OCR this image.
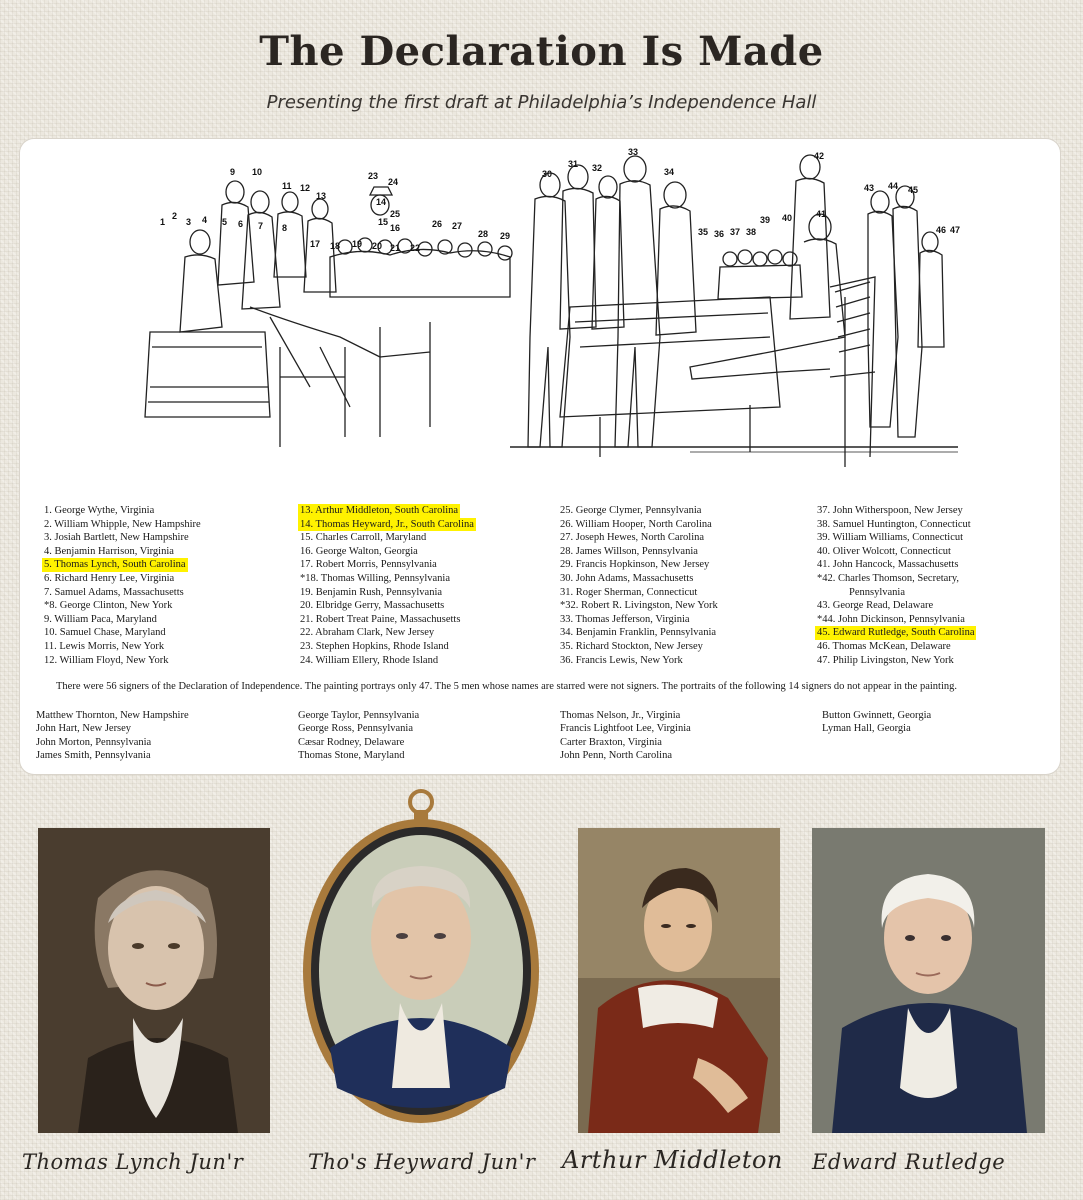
The Declaration Is Made

Presenting the first draft at Philadelphia’s Independence Hall

1
2
3 4 5 6 7 8
9 10
11 12
13
14
15
16
17 18 19 20 21 22
23
24
25
26 27
28 29
30
31 32
33
34
35 36 37 38
39 40	41
42
43 44 45
46 47
1. George Wythe, Virginia
2. William Whipple, New Hampshire
3. Josiah Bartlett, New Hampshire
4. Benjamin Harrison, Virginia
5. Thomas Lynch, South Carolina
6. Richard Henry Lee, Virginia
7. Samuel Adams, Massachusetts
*8. George Clinton, New York
9. William Paca, Maryland
10. Samuel Chase, Maryland
11. Lewis Morris, New York
12. William Floyd, New York
13. Arthur Middleton, South Carolina
14. Thomas Heyward, Jr., South Carolina
15. Charles Carroll, Maryland
16. George Walton, Georgia
17. Robert Morris, Pennsylvania
*18. Thomas Willing, Pennsylvania
19. Benjamin Rush, Pennsylvania
20. Elbridge Gerry, Massachusetts
21. Robert Treat Paine, Massachusetts
22. Abraham Clark, New Jersey
23. Stephen Hopkins, Rhode Island
24. William Ellery, Rhode Island
25. George Clymer, Pennsylvania
26. William Hooper, North Carolina
27. Joseph Hewes, North Carolina
28. James Willson, Pennsylvania
29. Francis Hopkinson, New Jersey
30. John Adams, Massachusetts
31. Roger Sherman, Connecticut
*32. Robert R. Livingston, New York
33. Thomas Jefferson, Virginia
34. Benjamin Franklin, Pennsylvania
35. Richard Stockton, New Jersey
36. Francis Lewis, New York
37. John Witherspoon, New Jersey
38. Samuel Huntington, Connecticut
39. William Williams, Connecticut
40. Oliver Wolcott, Connecticut
41. John Hancock, Massachusetts
*42. Charles Thomson, Secretary,
Pennsylvania
43. George Read, Delaware
*44. John Dickinson, Pennsylvania
45. Edward Rutledge, South Carolina
46. Thomas McKean, Delaware
47. Philip Livingston, New York
There were 56 signers of the Declaration of Independence. The painting portrays only 47. The 5 men whose names are starred were not signers. The portraits of the following 14 signers do not appear in the painting.
Matthew Thornton, New Hampshire
John Hart, New Jersey
John Morton, Pennsylvania
James Smith, Pennsylvania
George Taylor, Pennsylvania
George Ross, Pennsylvania
Cæsar Rodney, Delaware
Thomas Stone, Maryland
Thomas Nelson, Jr., Virginia
Francis Lightfoot Lee, Virginia
Carter Braxton, Virginia
John Penn, North Carolina
Button Gwinnett, Georgia
Lyman Hall, Georgia
Thomas Lynch Jun'r	Tho's Heyward Jun'r Arthur Middleton Edward Rutledge
